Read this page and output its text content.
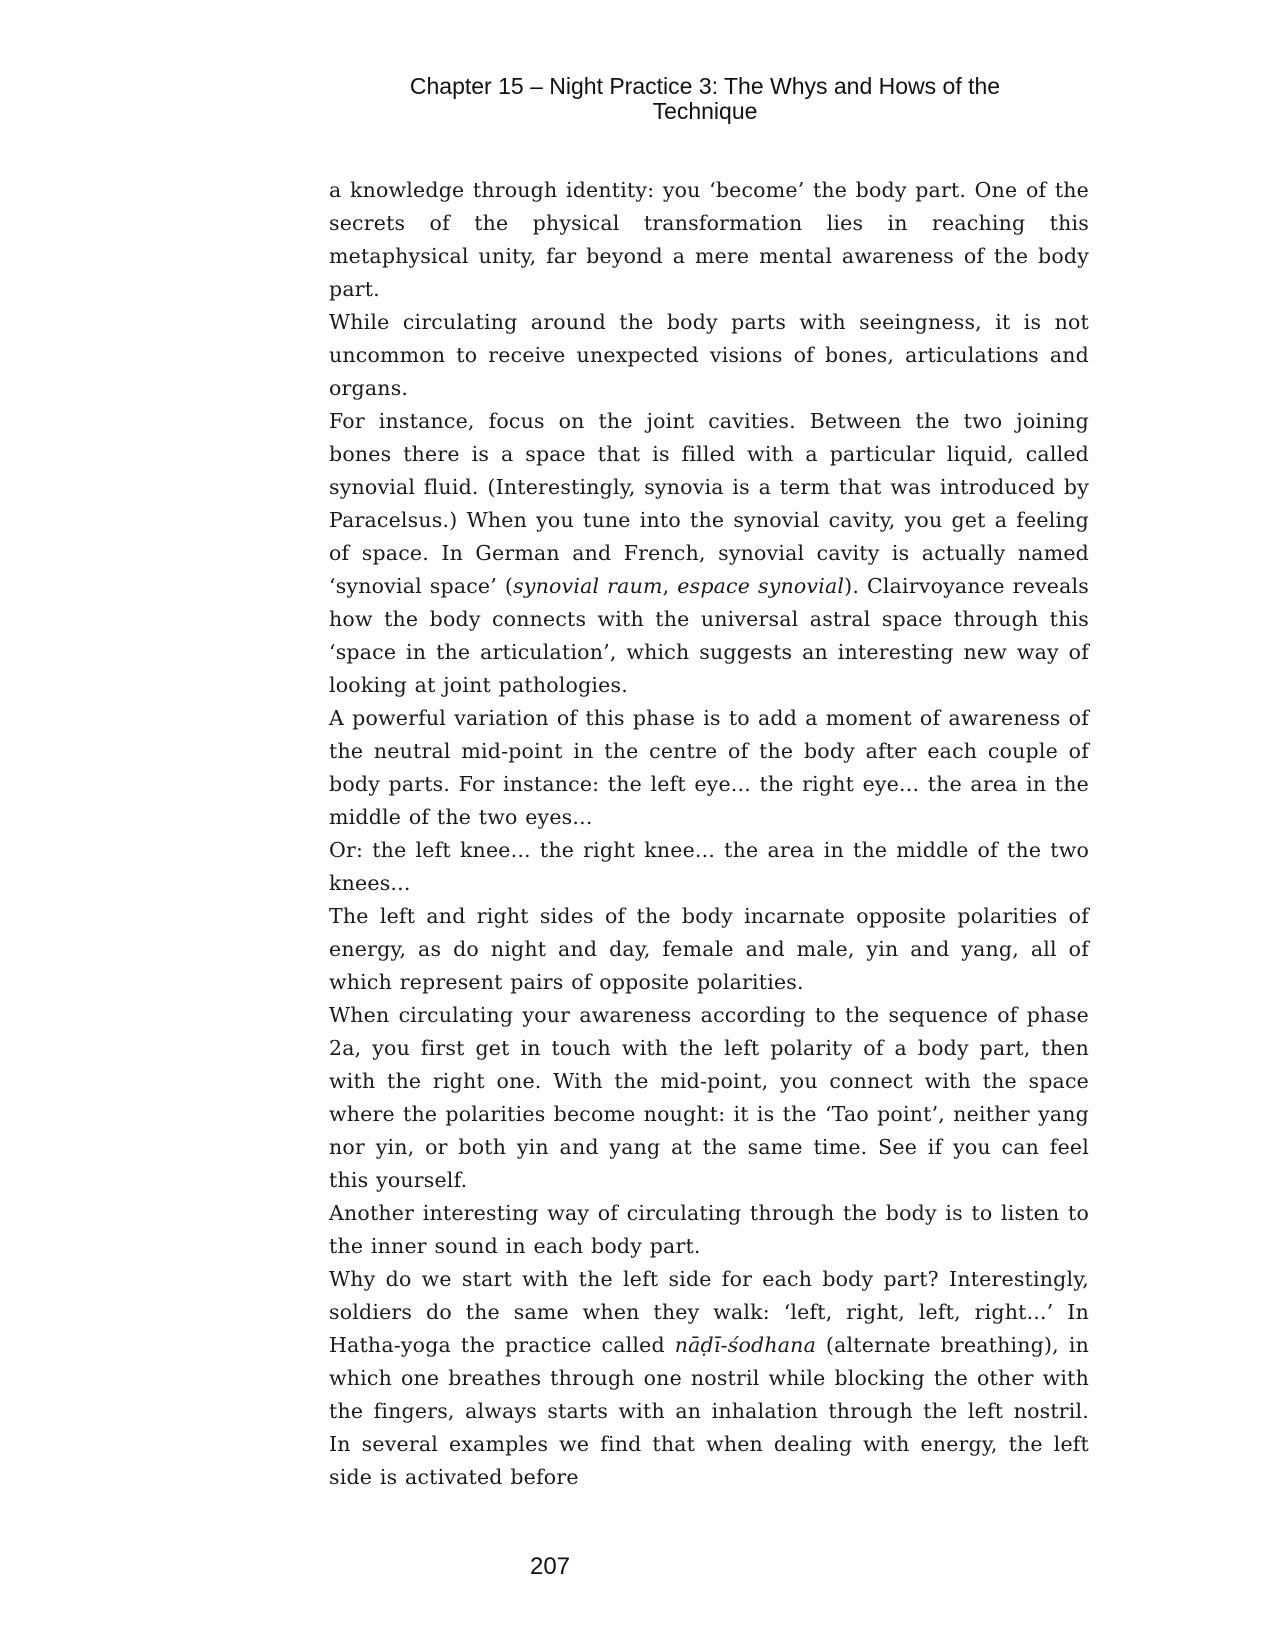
Chapter 15 – Night Practice 3: The Whys and Hows of the
Technique

a knowledge through identity: you ‘become’ the body part. One of the secrets of the physical transformation lies in reaching this metaphysical unity, far beyond a mere mental awareness of the body part.

While circulating around the body parts with seeingness, it is not uncommon to receive unexpected visions of bones, articulations and organs.

For instance, focus on the joint cavities. Between the two joining bones there is a space that is filled with a particular liquid, called synovial fluid. (Interestingly, synovia is a term that was introduced by Paracelsus.) When you tune into the synovial cavity, you get a feeling of space. In German and French, synovial cavity is actually named ‘synovial space’ (synovial raum, espace synovial). Clairvoyance reveals how the body connects with the universal astral space through this ‘space in the articulation’, which suggests an interesting new way of looking at joint pathologies.

A powerful variation of this phase is to add a moment of awareness of the neutral mid-point in the centre of the body after each couple of body parts. For instance: the left eye... the right eye... the area in the middle of the two eyes...

Or: the left knee... the right knee... the area in the middle of the two knees...

The left and right sides of the body incarnate opposite polarities of energy, as do night and day, female and male, yin and yang, all of which represent pairs of opposite polarities.

When circulating your awareness according to the sequence of phase 2a, you first get in touch with the left polarity of a body part, then with the right one. With the mid-point, you connect with the space where the polarities become nought: it is the ‘Tao point’, neither yang nor yin, or both yin and yang at the same time. See if you can feel this yourself.

Another interesting way of circulating through the body is to listen to the inner sound in each body part.

Why do we start with the left side for each body part? Interestingly, soldiers do the same when they walk: ‘left, right, left, right...’ In Hatha-yoga the practice called nāḍī-śodhana (alternate breathing), in which one breathes through one nostril while blocking the other with the fingers, always starts with an inhalation through the left nostril. In several examples we find that when dealing with energy, the left side is activated before

207
